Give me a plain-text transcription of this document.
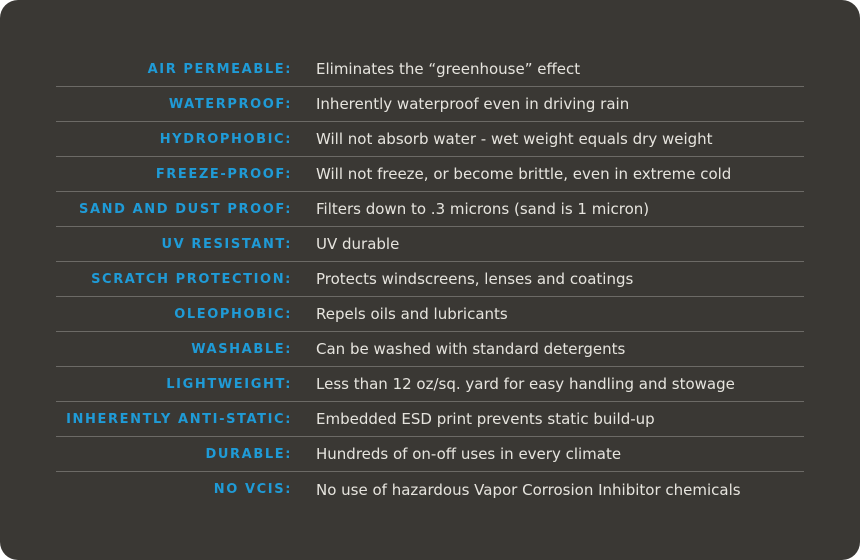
AIR PERMEABLE:	Eliminates the “greenhouse” effect
WATERPROOF:	Inherently waterproof even in driving rain
HYDROPHOBIC:	Will not absorb water - wet weight equals dry weight
FREEZE-PROOF:	Will not freeze, or become brittle, even in extreme cold
SAND AND DUST PROOF:	Filters down to .3 microns (sand is 1 micron)
UV RESISTANT:	UV durable
SCRATCH PROTECTION:	Protects windscreens, lenses and coatings
OLEOPHOBIC:	Repels oils and lubricants
WASHABLE:	Can be washed with standard detergents
LIGHTWEIGHT:	Less than 12 oz/sq. yard for easy handling and stowage
INHERENTLY ANTI-STATIC:	Embedded ESD print prevents static build-up
DURABLE:	Hundreds of on-off uses in every climate
NO VCIS:	No use of hazardous Vapor Corrosion Inhibitor chemicals
